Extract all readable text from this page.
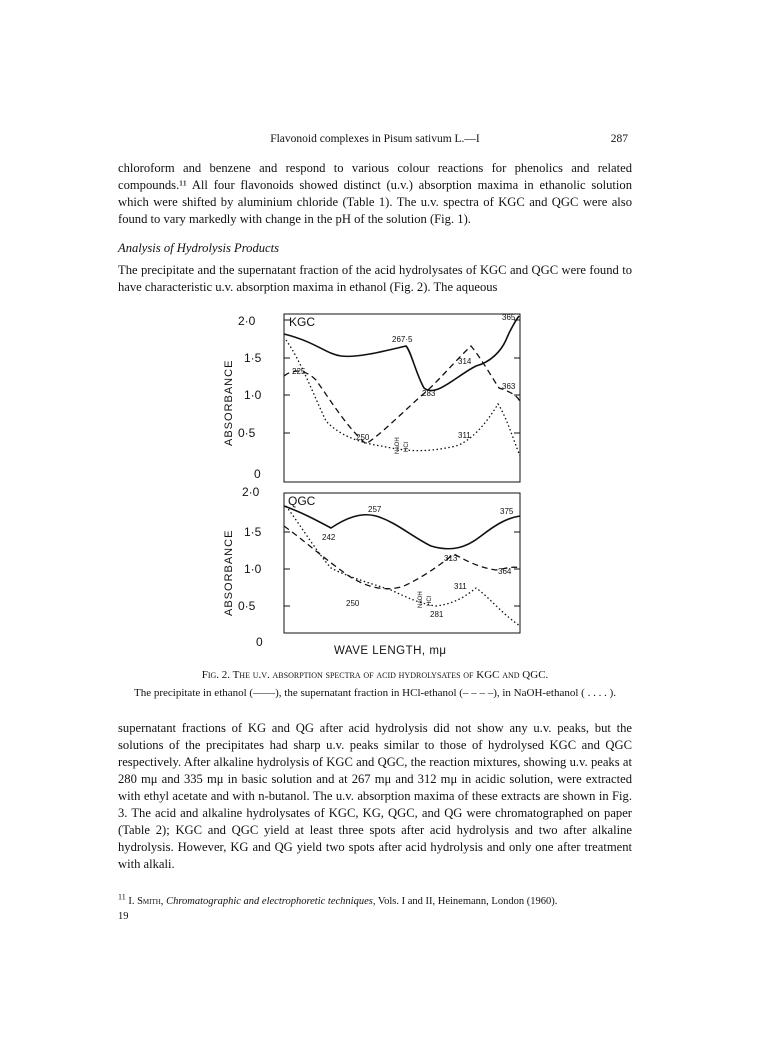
Flavonoid complexes in Pisum sativum L.—I	287

chloroform and benzene and respond to various colour reactions for phenolics and related compounds.¹¹ All four flavonoids showed distinct (u.v.) absorption maxima in ethanolic solution which were shifted by aluminium chloride (Table 1). The u.v. spectra of KGC and QGC were also found to vary markedly with change in the pH of the solution (Fig. 1).

Analysis of Hydrolysis Products

The precipitate and the supernatant fraction of the acid hydrolysates of KGC and QGC were found to have characteristic u.v. absorption maxima in ethanol (Fig. 2). The aqueous

2·0
1·5
1·0
0·5
0
2·0
1·5
1·0
0·5
0
ABSORBANCE
ABSORBANCE
KGC
QGC
267·5
365
314
225
283
363
250	311
NaOH HCl
257	375
242
313
364
311
250
281
NaOH HCl
WAVE LENGTH, mμ
Fig. 2. The u.v. absorption spectra of acid hydrolysates of KGC and QGC.
The precipitate in ethanol (——), the supernatant fraction in HCl-ethanol (– – – –), in NaOH-ethanol ( . . . . ).

supernatant fractions of KG and QG after acid hydrolysis did not show any u.v. peaks, but the solutions of the precipitates had sharp u.v. peaks similar to those of hydrolysed KGC and QGC respectively. After alkaline hydrolysis of KGC and QGC, the reaction mixtures, showing u.v. peaks at 280 mμ and 335 mμ in basic solution and at 267 mμ and 312 mμ in acidic solution, were extracted with ethyl acetate and with n-butanol. The u.v. absorption maxima of these extracts are shown in Fig. 3. The acid and alkaline hydrolysates of KGC, KG, QGC, and QG were chromatographed on paper (Table 2); KGC and QGC yield at least three spots after acid hydrolysis and two after alkaline hydrolysis. However, KG and QG yield two spots after acid hydrolysis and only one after treatment with alkali.

$^{11}$ I. Smith, Chromatographic and electrophoretic techniques, Vols. I and II, Heinemann, London (1960).
19
